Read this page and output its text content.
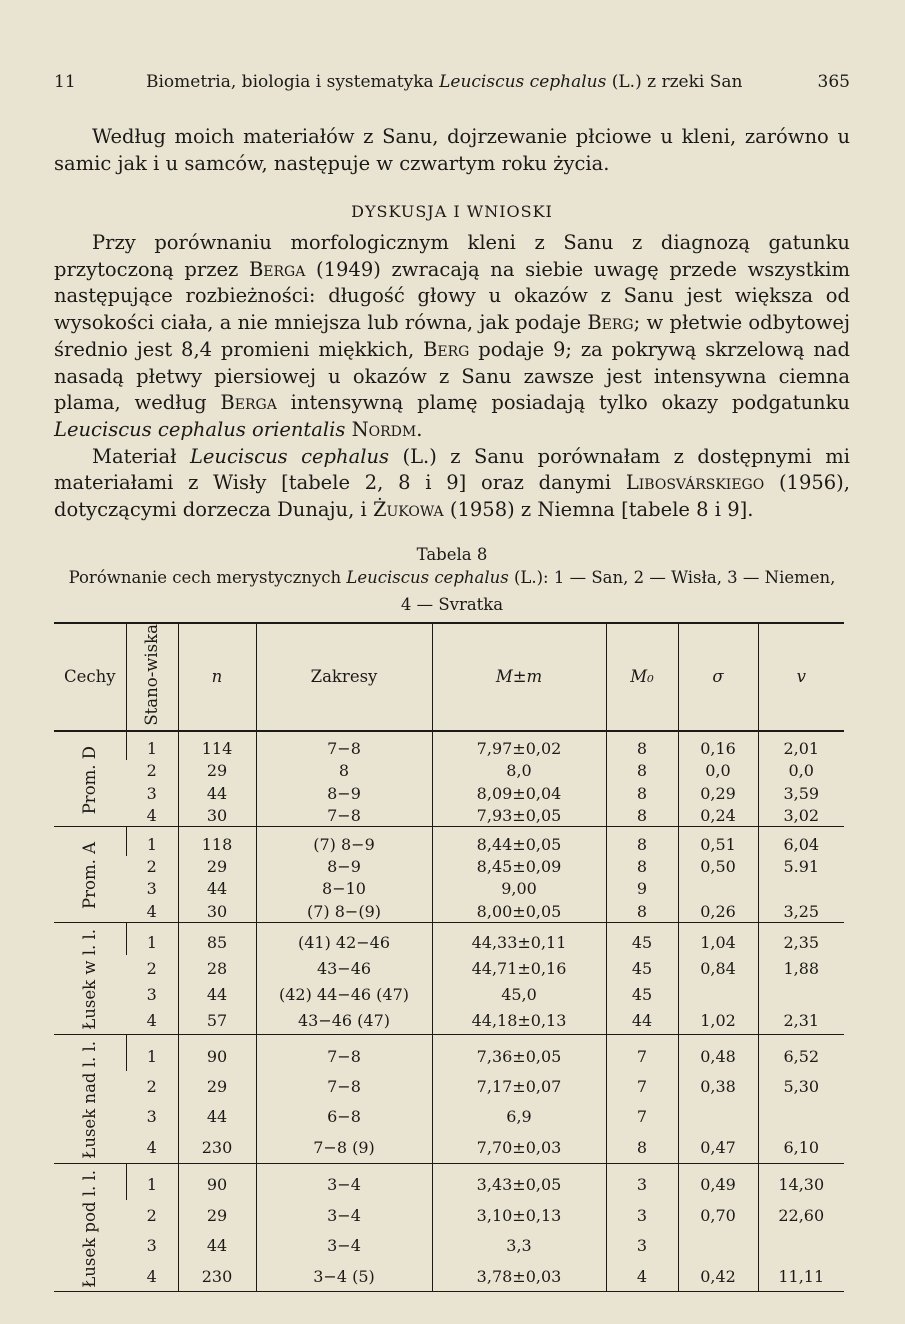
11	Biometria, biologia i systematyka Leuciscus cephalus (L.) z rzeki San	365

Według moich materiałów z Sanu, dojrzewanie płciowe u kleni, zarówno u samic jak i u samców, następuje w czwartym roku życia.

DYSKUSJA I WNIOSKI

Przy porównaniu morfologicznym kleni z Sanu z diagnozą gatunku przytoczoną przez Berga (1949) zwracają na siebie uwagę przede wszystkim następujące rozbieżności: długość głowy u okazów z Sanu jest większa od wysokości ciała, a nie mniejsza lub równa, jak podaje Berg; w płetwie odbytowej średnio jest 8,4 promieni miękkich, Berg podaje 9; za pokrywą skrzelową nad nasadą płetwy piersiowej u okazów z Sanu zawsze jest intensywna ciemna plama, według Berga intensywną plamę posiadają tylko okazy podgatunku Leuciscus cephalus orientalis Nordm.

Materiał Leuciscus cephalus (L.) z Sanu porównałam z dostępnymi mi materiałami z Wisły [tabele 2, 8 i 9] oraz danymi Libosvárskiego (1956), dotyczącymi dorzecza Dunaju, i Żukowa (1958) z Niemna [tabele 8 i 9].

Tabela 8
Porównanie cech merystycznych Leuciscus cephalus (L.): 1 — San, 2 — Wisła, 3 — Niemen,
4 — Svratka
Cechy	Stano-wiska	n	Zakresy	M±m	M₀	σ	v

Prom. D	1	114	7−8	7,97±0,02	8	0,16	2,01
	2	29	8	8,0	8	0,0	0,0
	3	44	8−9	8,09±0,04	8	0,29	3,59
	4	30	7−8	7,93±0,05	8	0,24	3,02

Prom. A	1	118	(7) 8−9	8,44±0,05	8	0,51	6,04
	2	29	8−9	8,45±0,09	8	0,50	5.91
	3	44	8−10	9,00	9		
	4	30	(7) 8−(9)	8,00±0,05	8	0,26	3,25

Łusek w l. l.	1	85	(41) 42−46	44,33±0,11	45	1,04	2,35
	2	28	43−46	44,71±0,16	45	0,84	1,88
	3	44	(42) 44−46 (47)	45,0	45		
	4	57	43−46 (47)	44,18±0,13	44	1,02	2,31

Łusek nad l. l.	1	90	7−8	7,36±0,05	7	0,48	6,52
	2	29	7−8	7,17±0,07	7	0,38	5,30
	3	44	6−8	6,9	7		
	4	230	7−8 (9)	7,70±0,03	8	0,47	6,10

Łusek pod l. l.	1	90	3−4	3,43±0,05	3	0,49	14,30
	2	29	3−4	3,10±0,13	3	0,70	22,60
	3	44	3−4	3,3	3		
	4	230	3−4 (5)	3,78±0,03	4	0,42	11,11
